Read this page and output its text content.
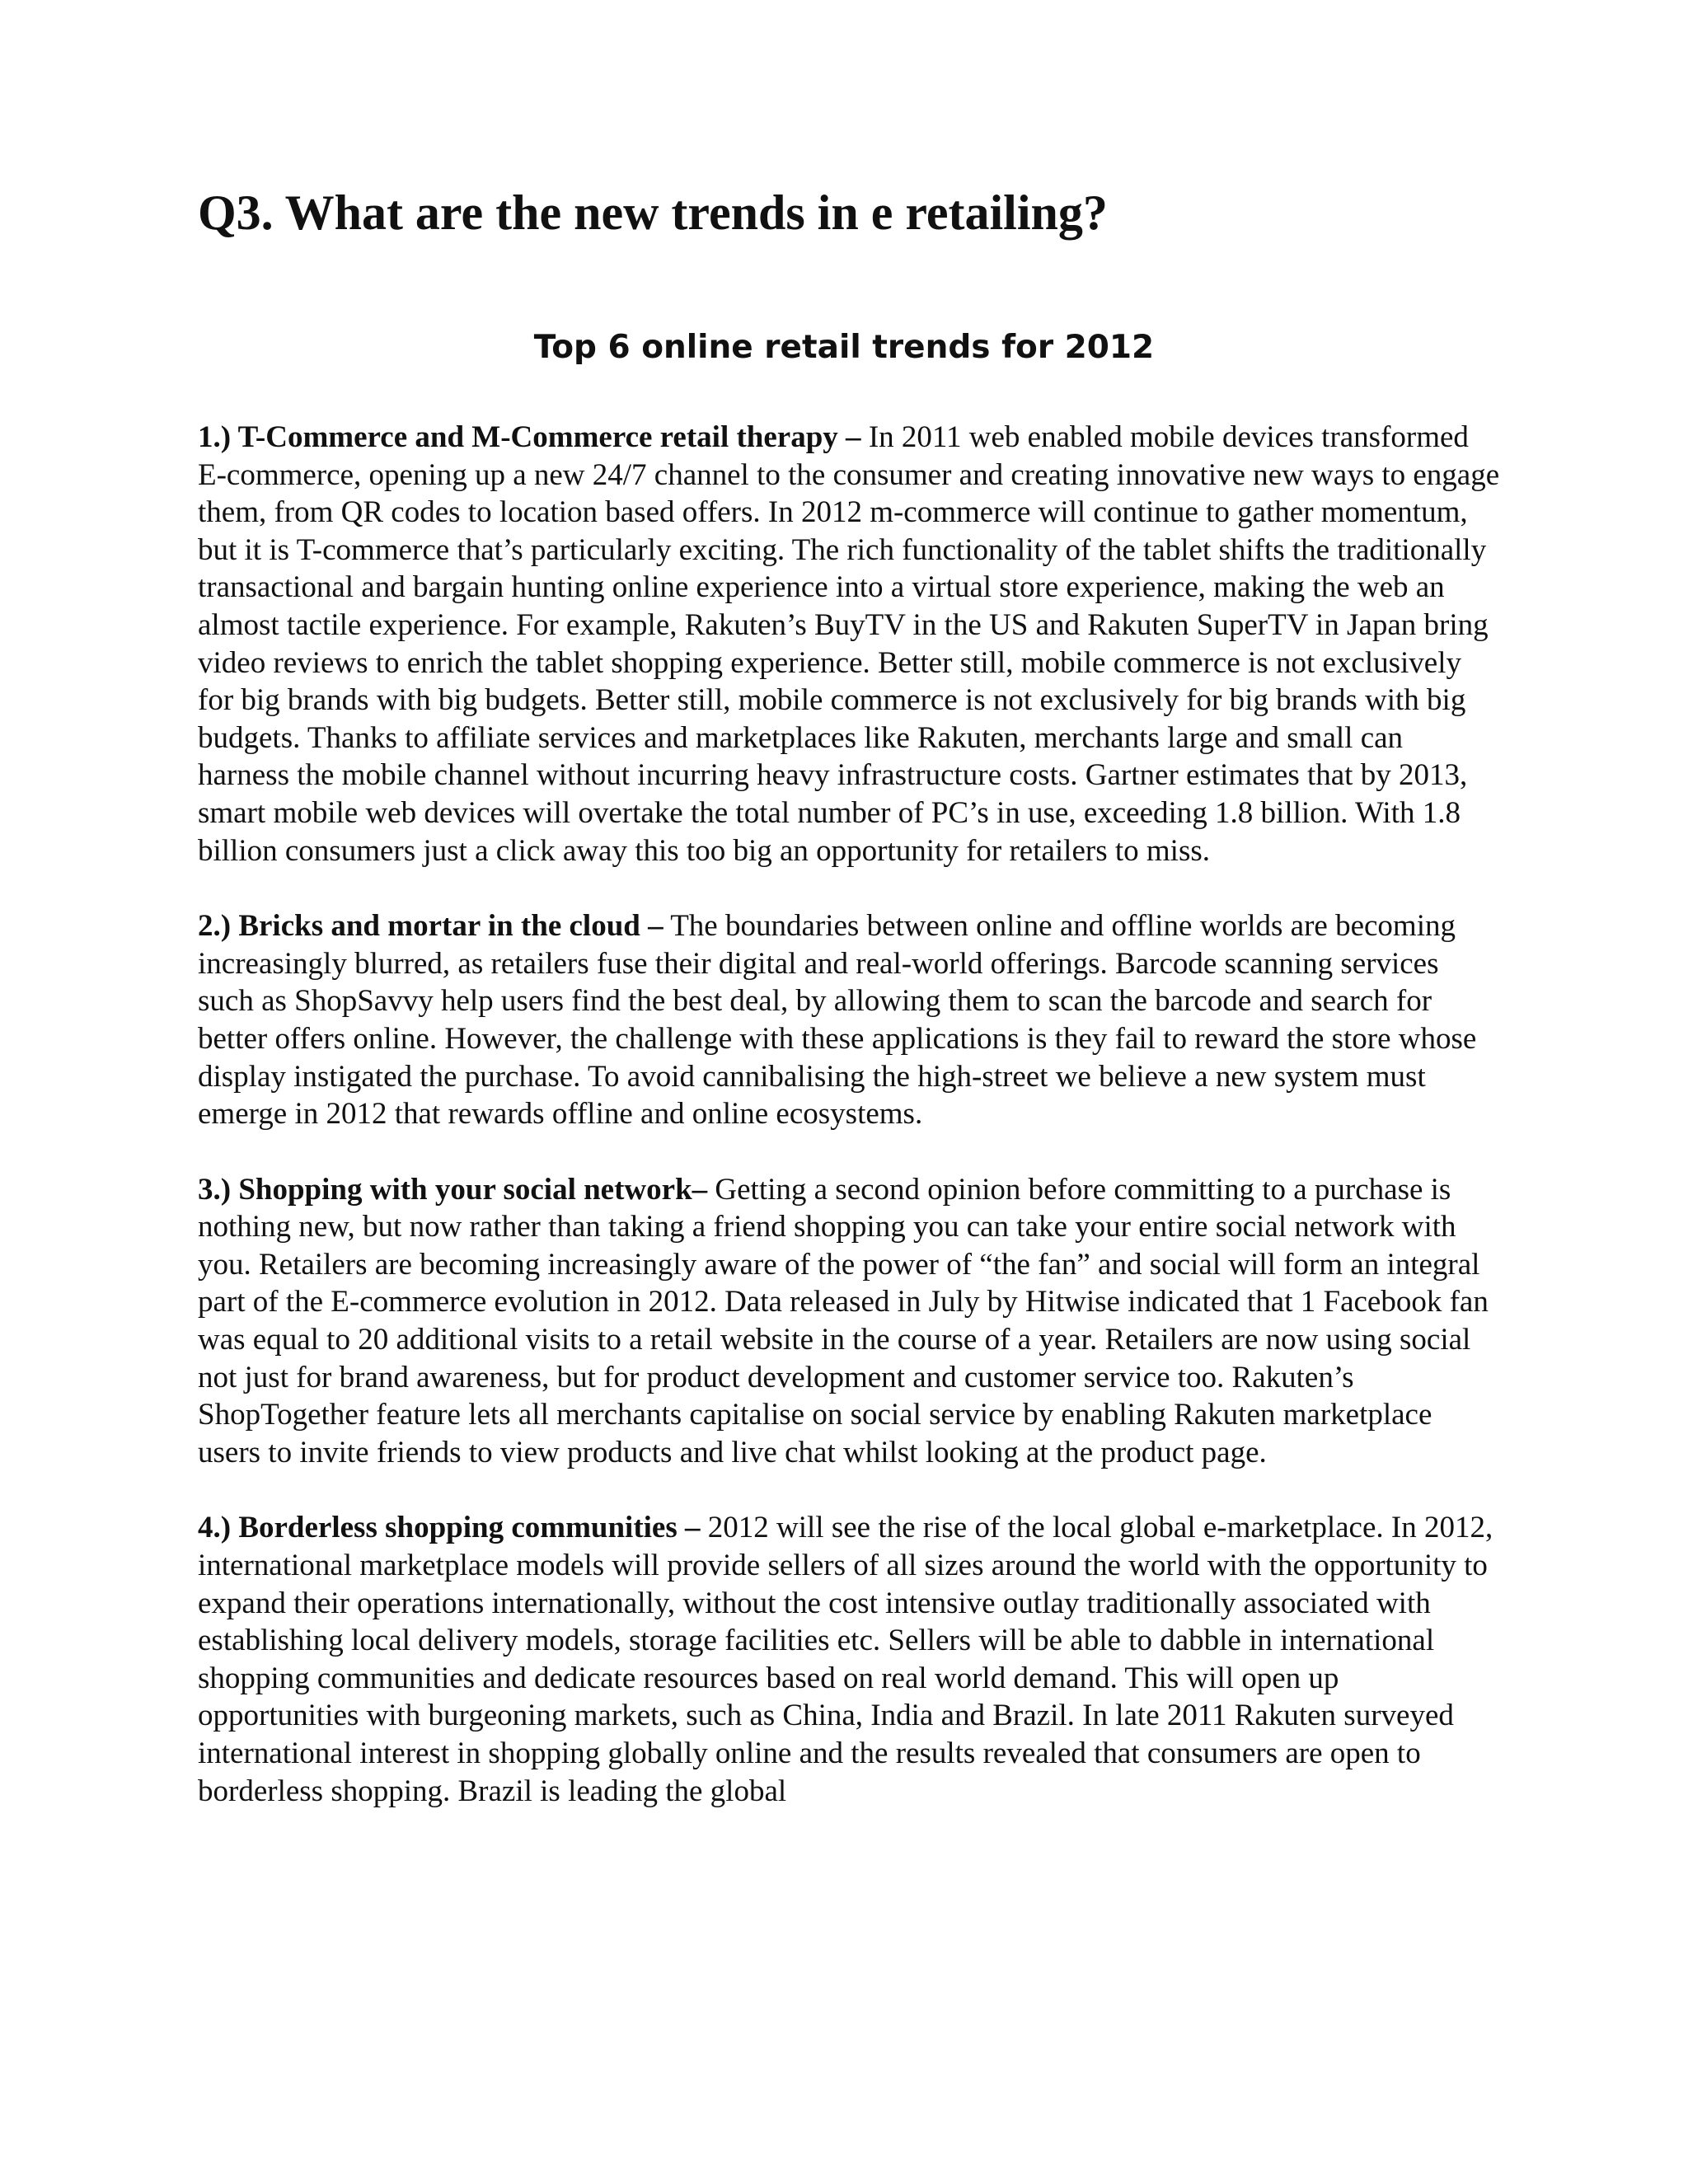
Q3. What are the new trends in e retailing?
Top 6 online retail trends for 2012

1.) T-Commerce and M-Commerce retail therapy – In 2011 web enabled mobile devices transformed E-commerce, opening up a new 24/7 channel to the consumer and creating innovative new ways to engage them, from QR codes to location based offers. In 2012 m-commerce will continue to gather momentum, but it is T-commerce that’s particularly exciting. The rich functionality of the tablet shifts the traditionally transactional and bargain hunting online experience into a virtual store experience, making the web an almost tactile experience. For example, Rakuten’s BuyTV in the US and Rakuten SuperTV in Japan bring video reviews to enrich the tablet shopping experience. Better still, mobile commerce is not exclusively for big brands with big budgets. Better still, mobile commerce is not exclusively for big brands with big budgets. Thanks to affiliate services and marketplaces like Rakuten, merchants large and small can harness the mobile channel without incurring heavy infrastructure costs. Gartner estimates that by 2013, smart mobile web devices will overtake the total number of PC’s in use, exceeding 1.8 billion. With 1.8 billion consumers just a click away this too big an opportunity for retailers to miss.

2.) Bricks and mortar in the cloud – The boundaries between online and offline worlds are becoming increasingly blurred, as retailers fuse their digital and real-world offerings. Barcode scanning services such as ShopSavvy help users find the best deal, by allowing them to scan the barcode and search for better offers online. However, the challenge with these applications is they fail to reward the store whose display instigated the purchase. To avoid cannibalising the high-street we believe a new system must emerge in 2012 that rewards offline and online ecosystems.

3.) Shopping with your social network– Getting a second opinion before committing to a purchase is nothing new, but now rather than taking a friend shopping you can take your entire social network with you. Retailers are becoming increasingly aware of the power of “the fan” and social will form an integral part of the E-commerce evolution in 2012. Data released in July by Hitwise indicated that 1 Facebook fan was equal to 20 additional visits to a retail website in the course of a year. Retailers are now using social not just for brand awareness, but for product development and customer service too. Rakuten’s ShopTogether feature lets all merchants capitalise on social service by enabling Rakuten marketplace users to invite friends to view products and live chat whilst looking at the product page.

4.) Borderless shopping communities – 2012 will see the rise of the local global e-marketplace. In 2012, international marketplace models will provide sellers of all sizes around the world with the opportunity to expand their operations internationally, without the cost intensive outlay traditionally associated with establishing local delivery models, storage facilities etc. Sellers will be able to dabble in international shopping communities and dedicate resources based on real world demand. This will open up opportunities with burgeoning markets, such as China, India and Brazil. In late 2011 Rakuten surveyed international interest in shopping globally online and the results revealed that consumers are open to borderless shopping. Brazil is leading the global
